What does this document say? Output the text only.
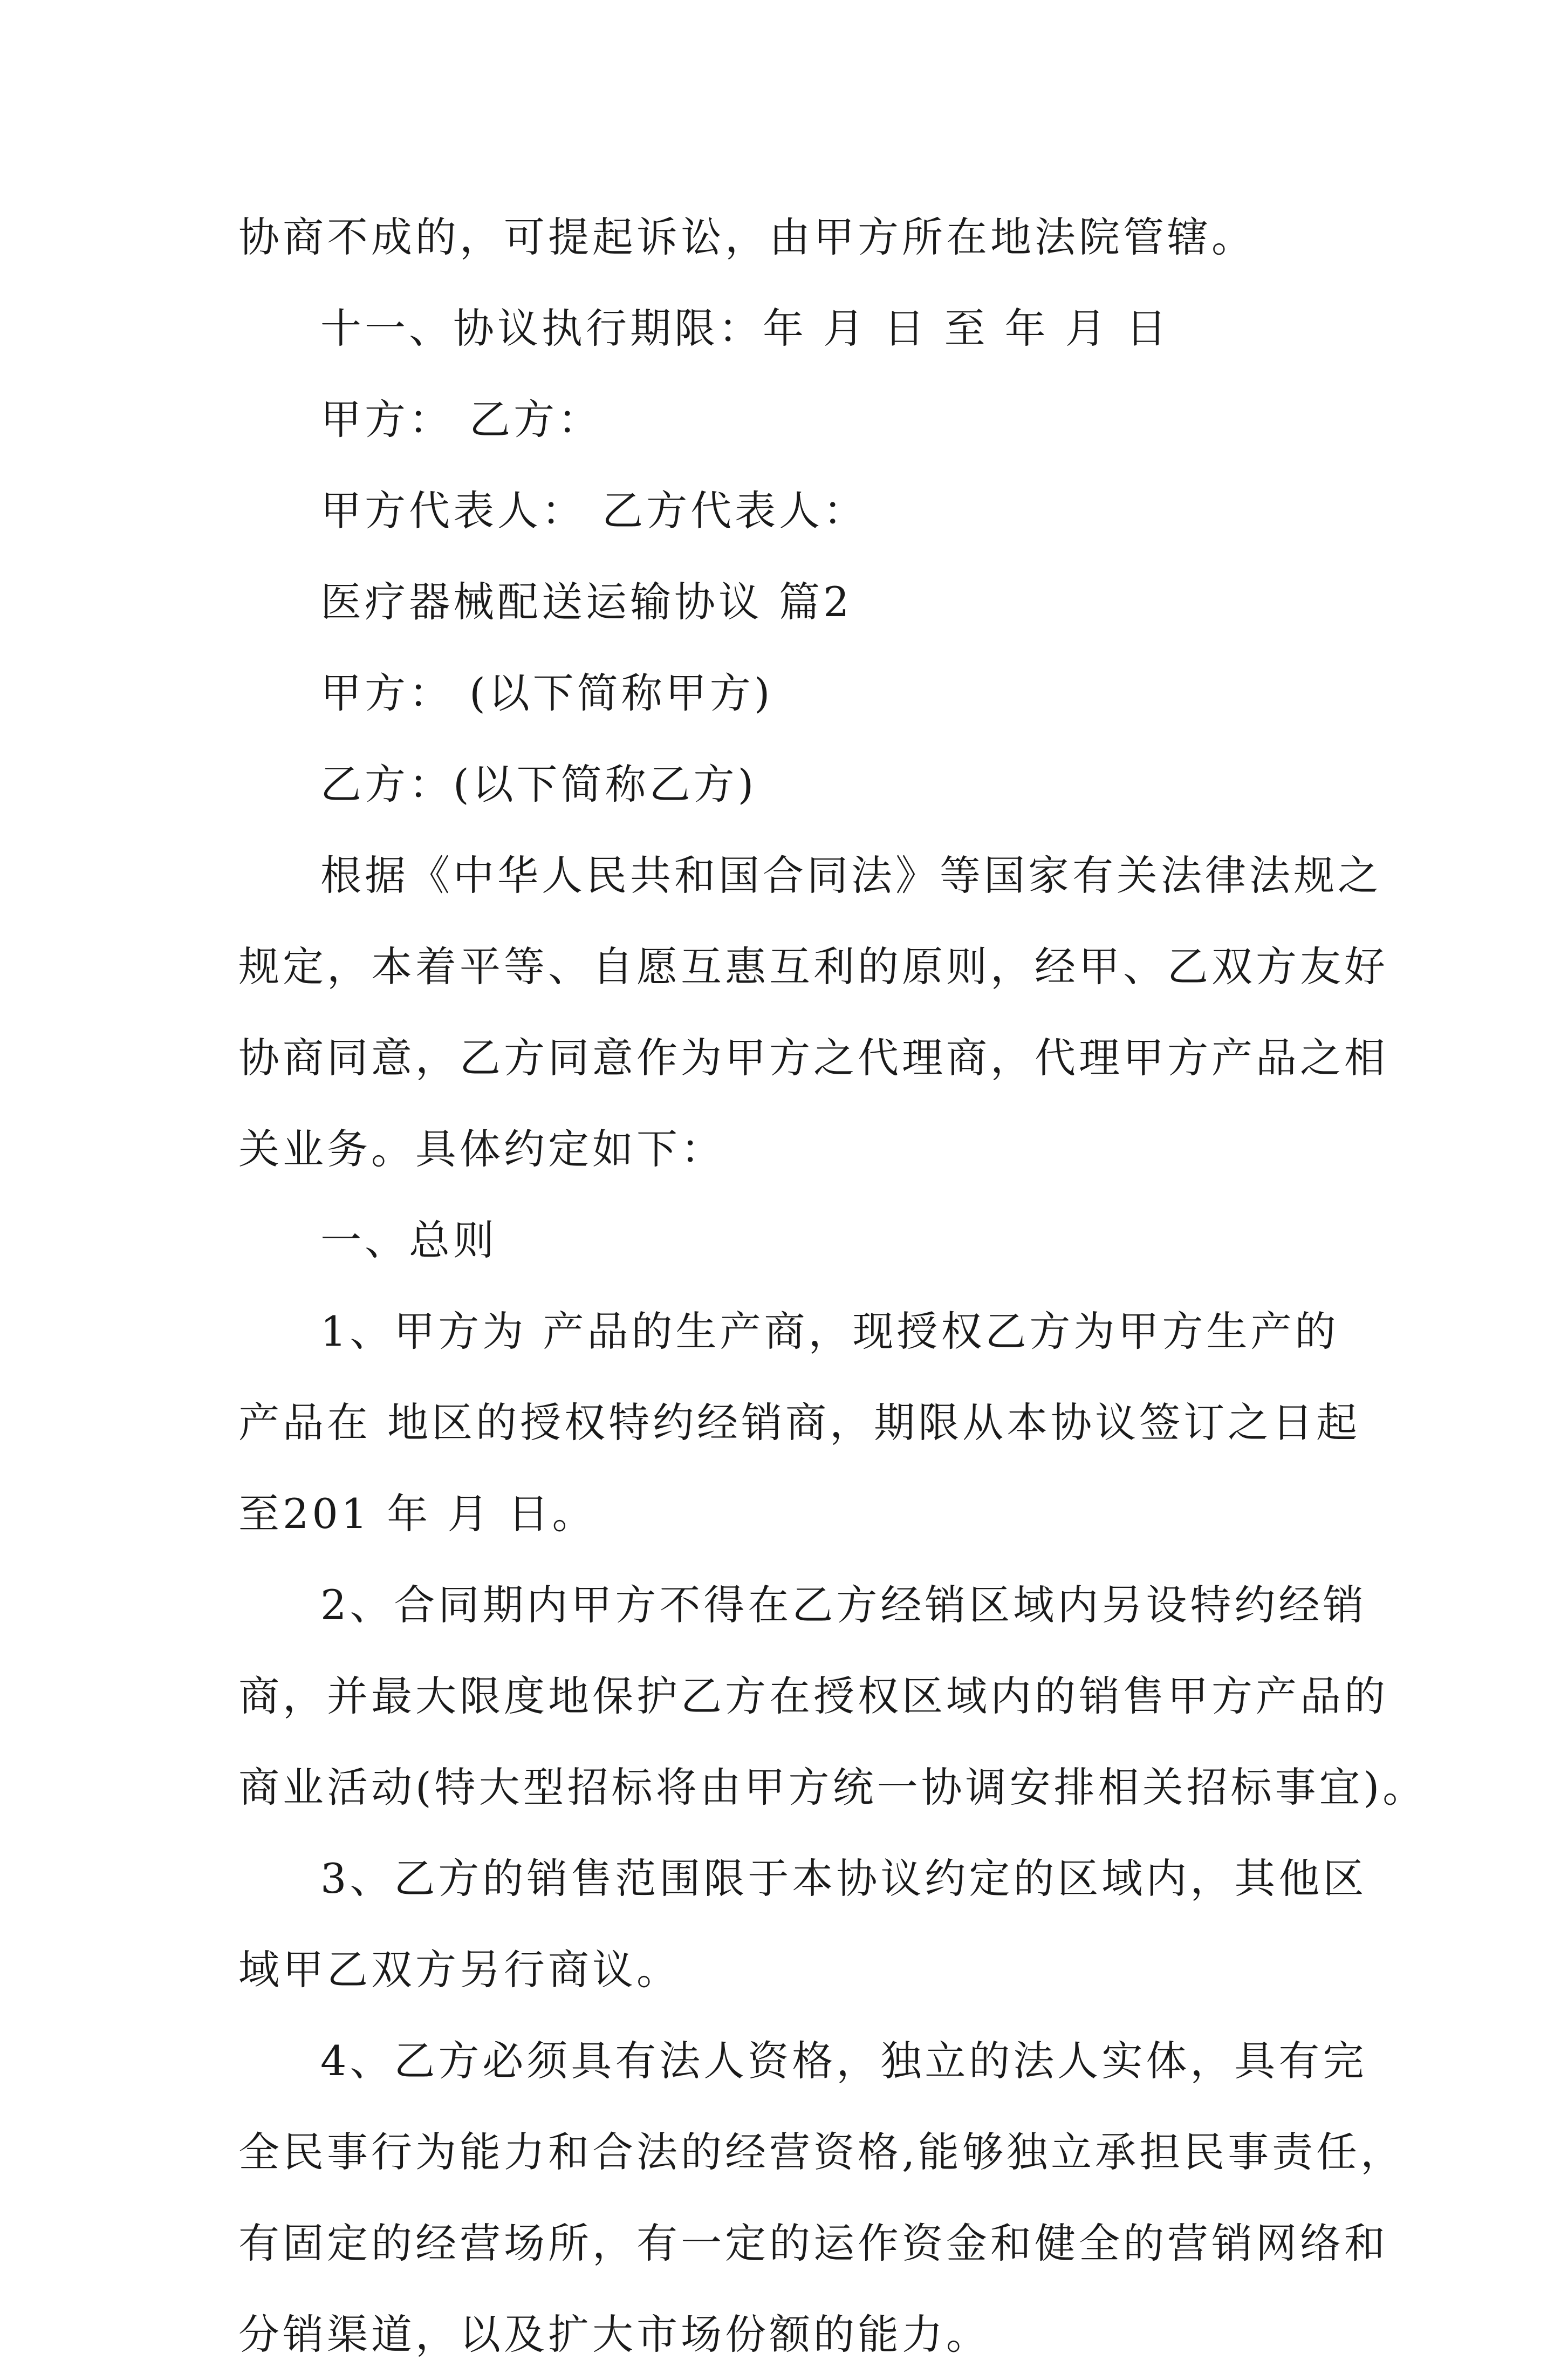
协商不成的，可提起诉讼，由甲方所在地法院管辖。
十一、协议执行期限：年 月 日 至 年 月 日
甲方： 乙方：
甲方代表人： 乙方代表人：
医疗器械配送运输协议 篇2
甲方： (以下简称甲方)
乙方：(以下简称乙方)
根据《中华人民共和国合同法》等国家有关法律法规之
规定，本着平等、自愿互惠互利的原则，经甲、乙双方友好
协商同意，乙方同意作为甲方之代理商，代理甲方产品之相
关业务。具体约定如下：
一、总则
1、甲方为 产品的生产商，现授权乙方为甲方生产的
产品在 地区的授权特约经销商，期限从本协议签订之日起
至201 年 月 日。
2、合同期内甲方不得在乙方经销区域内另设特约经销
商，并最大限度地保护乙方在授权区域内的销售甲方产品的
商业活动(特大型招标将由甲方统一协调安排相关招标事宜)。
3、乙方的销售范围限于本协议约定的区域内，其他区
域甲乙双方另行商议。
4、乙方必须具有法人资格，独立的法人实体，具有完
全民事行为能力和合法的经营资格,能够独立承担民事责任，
有固定的经营场所，有一定的运作资金和健全的营销网络和
分销渠道，以及扩大市场份额的能力。
